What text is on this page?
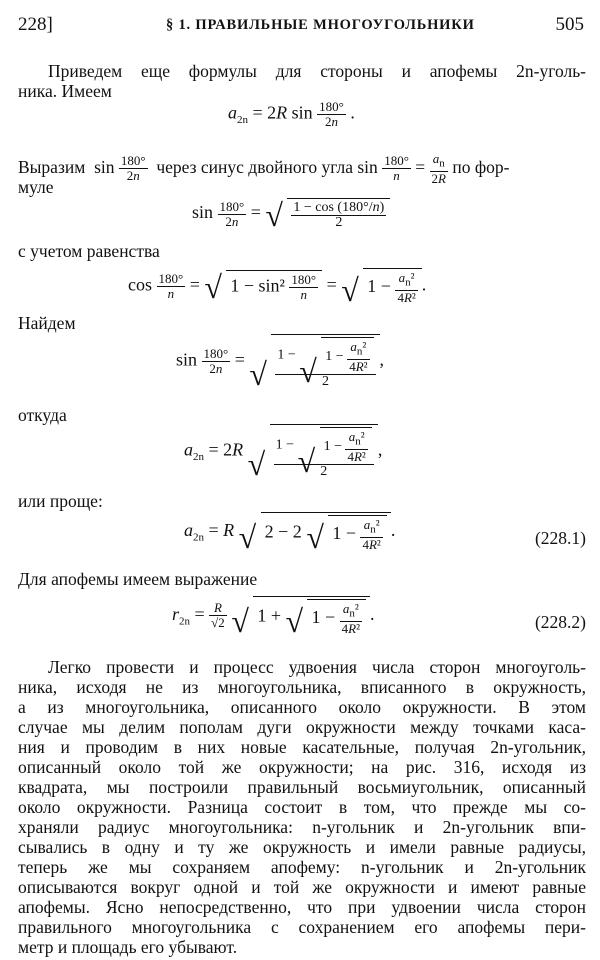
228]	§ 1. ПРАВИЛЬНЫЕ МНОГОУГОЛЬНИКИ	505
Приведем еще формулы для стороны и апофемы 2n-уголь-
ника. Имеем
$a_{2n} = 2R$ $\sin \frac{180^\circ}{2n}$ .
Выразим  $\sin \frac{180^\circ}{2n}$ через синус двойного угла $\sin \frac{180^\circ}{n} = \frac{a_n}{2R}$ по фор-
муле
$\sin \frac{180^\circ}{2n}$ = √ $\frac{1 - \cos (180^\circ/n)}{2}$
с учетом равенства
$\cos \frac{180^\circ}{n}$ = √ $1 - \sin^2 \frac{180^\circ}{n}$ = √ $1 - \frac{a_n^2}{\text{4R²}}$ .
Найдем
$\sin \frac{180^\circ}{2n}$ = √ $\frac{1 - √ 1 - \frac{a_n^2}{\text{4R²}}}{2}$ ,
откуда
$a_{2n} = 2R$ √ $\frac{1 - √ 1 - \frac{a_n^2}{\text{4R²}}}{2}$ ,
или проще:
$a_{2n} = R$ √ 2 − 2 √ $1 - \frac{a_n^2}{\text{4R²}}$ .	(228.1)
Для апофемы имеем выражение
$r_{2n} = \frac{R}{√2}$ √ 1 + √ $1 - \frac{a_n^2}{\text{4R²}}$ .	(228.2)
Легко провести и процесс удвоения числа сторон многоуголь-
ника, исходя не из многоугольника, вписанного в окружность,
а из многоугольника, описанного около окружности. В этом
случае мы делим пополам дуги окружности между точками каса-
ния и проводим в них новые касательные, получая 2n-угольник,
описанный около той же окружности; на рис. 316, исходя из
квадрата, мы построили правильный восьмиугольник, описанный
около окружности. Разница состоит в том, что прежде мы со-
храняли радиус многоугольника: n-угольник и 2n-угольник впи-
сывались в одну и ту же окружность и имели равные радиусы,
теперь же мы сохраняем апофему: n-угольник и 2n-угольник
описываются вокруг одной и той же окружности и имеют равные
апофемы. Ясно непосредственно, что при удвоении числа сторон
правильного многоугольника с сохранением его апофемы пери-
метр и площадь его убывают.
